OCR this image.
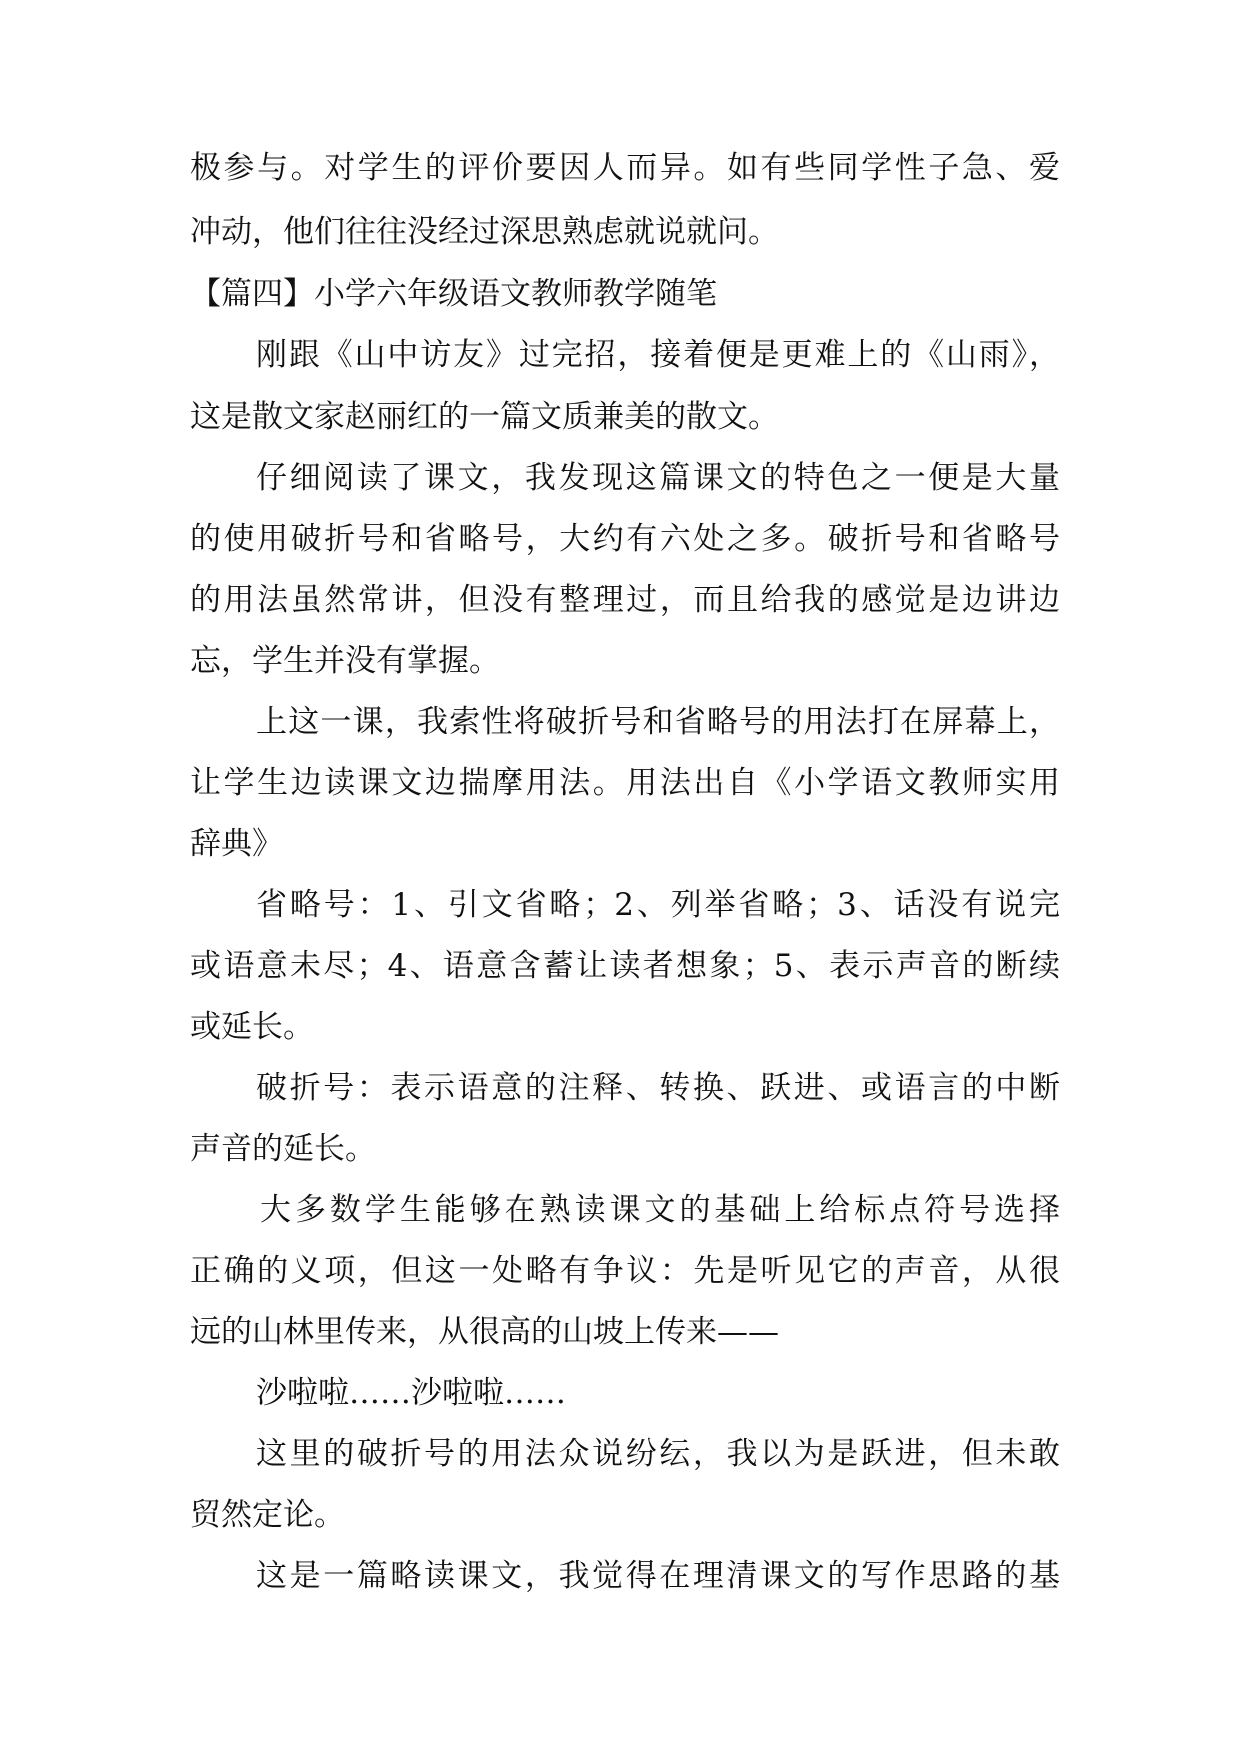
极参与。对学生的评价要因人而异。如有些同学性子急、爱
冲动，他们往往没经过深思熟虑就说就问。
【篇四】小学六年级语文教师教学随笔
刚跟《山中访友》过完招，接着便是更难上的《山雨》，
这是散文家赵丽红的一篇文质兼美的散文。
仔细阅读了课文，我发现这篇课文的特色之一便是大量
的使用破折号和省略号，大约有六处之多。破折号和省略号
的用法虽然常讲，但没有整理过，而且给我的感觉是边讲边
忘，学生并没有掌握。
上这一课，我索性将破折号和省略号的用法打在屏幕上，
让学生边读课文边揣摩用法。用法出自《小学语文教师实用
辞典》
省略号：1、引文省略；2、列举省略；3、话没有说完
或语意未尽；4、语意含蓄让读者想象；5、表示声音的断续
或延长。
破折号：表示语意的注释、转换、跃进、或语言的中断
声音的延长。
大多数学生能够在熟读课文的基础上给标点符号选择
正确的义项，但这一处略有争议：先是听见它的声音，从很
远的山林里传来，从很高的山坡上传来——
沙啦啦……沙啦啦……
这里的破折号的用法众说纷纭，我以为是跃进，但未敢
贸然定论。
这是一篇略读课文，我觉得在理清课文的写作思路的基
